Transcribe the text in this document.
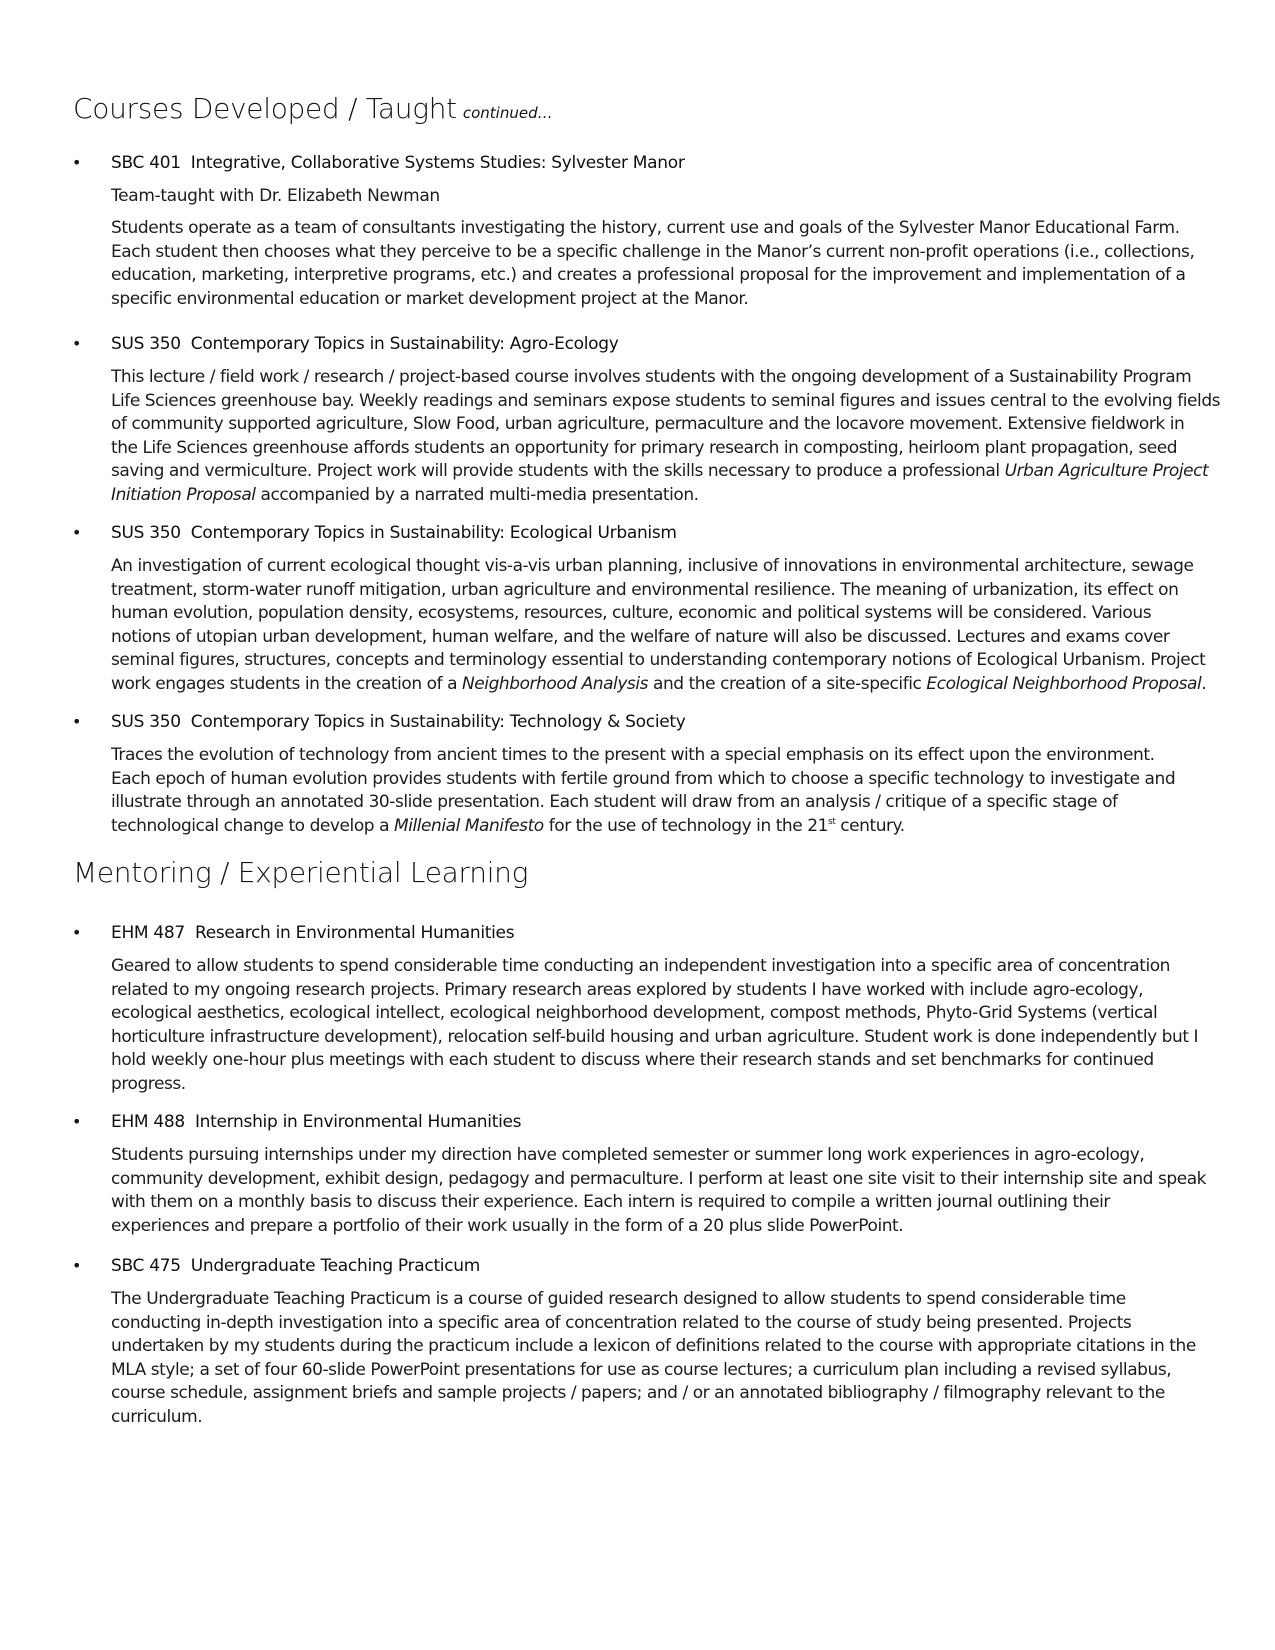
Courses Developed / Taught continued…
• SBC 401 Integrative, Collaborative Systems Studies: Sylvester Manor
Team-taught with Dr. Elizabeth Newman
Students operate as a team of consultants investigating the history, current use and goals of the Sylvester Manor Educational Farm.
Each student then chooses what they perceive to be a specific challenge in the Manor’s current non-profit operations (i.e., collections,
education, marketing, interpretive programs, etc.) and creates a professional proposal for the improvement and implementation of a
specific environmental education or market development project at the Manor.
• SUS 350 Contemporary Topics in Sustainability: Agro-Ecology
This lecture / field work / research / project-based course involves students with the ongoing development of a Sustainability Program
Life Sciences greenhouse bay. Weekly readings and seminars expose students to seminal figures and issues central to the evolving fields
of community supported agriculture, Slow Food, urban agriculture, permaculture and the locavore movement. Extensive fieldwork in
the Life Sciences greenhouse affords students an opportunity for primary research in composting, heirloom plant propagation, seed
saving and vermiculture. Project work will provide students with the skills necessary to produce a professional Urban Agriculture Project
Initiation Proposal accompanied by a narrated multi-media presentation.
• SUS 350 Contemporary Topics in Sustainability: Ecological Urbanism
An investigation of current ecological thought vis-a-vis urban planning, inclusive of innovations in environmental architecture, sewage
treatment, storm-water runoff mitigation, urban agriculture and environmental resilience. The meaning of urbanization, its effect on
human evolution, population density, ecosystems, resources, culture, economic and political systems will be considered. Various
notions of utopian urban development, human welfare, and the welfare of nature will also be discussed. Lectures and exams cover
seminal figures, structures, concepts and terminology essential to understanding contemporary notions of Ecological Urbanism. Project
work engages students in the creation of a Neighborhood Analysis and the creation of a site-specific Ecological Neighborhood Proposal.
• SUS 350 Contemporary Topics in Sustainability: Technology & Society
Traces the evolution of technology from ancient times to the present with a special emphasis on its effect upon the environment.
Each epoch of human evolution provides students with fertile ground from which to choose a specific technology to investigate and
illustrate through an annotated 30-slide presentation. Each student will draw from an analysis / critique of a specific stage of
technological change to develop a Millenial Manifesto for the use of technology in the 21st century.
Mentoring / Experiential Learning
• EHM 487 Research in Environmental Humanities
Geared to allow students to spend considerable time conducting an independent investigation into a specific area of concentration
related to my ongoing research projects. Primary research areas explored by students I have worked with include agro-ecology,
ecological aesthetics, ecological intellect, ecological neighborhood development, compost methods, Phyto-Grid Systems (vertical
horticulture infrastructure development), relocation self-build housing and urban agriculture. Student work is done independently but I
hold weekly one-hour plus meetings with each student to discuss where their research stands and set benchmarks for continued
progress.
• EHM 488 Internship in Environmental Humanities
Students pursuing internships under my direction have completed semester or summer long work experiences in agro-ecology,
community development, exhibit design, pedagogy and permaculture. I perform at least one site visit to their internship site and speak
with them on a monthly basis to discuss their experience. Each intern is required to compile a written journal outlining their
experiences and prepare a portfolio of their work usually in the form of a 20 plus slide PowerPoint.
• SBC 475 Undergraduate Teaching Practicum
The Undergraduate Teaching Practicum is a course of guided research designed to allow students to spend considerable time
conducting in-depth investigation into a specific area of concentration related to the course of study being presented. Projects
undertaken by my students during the practicum include a lexicon of definitions related to the course with appropriate citations in the
MLA style; a set of four 60-slide PowerPoint presentations for use as course lectures; a curriculum plan including a revised syllabus,
course schedule, assignment briefs and sample projects / papers; and / or an annotated bibliography / filmography relevant to the
curriculum.
